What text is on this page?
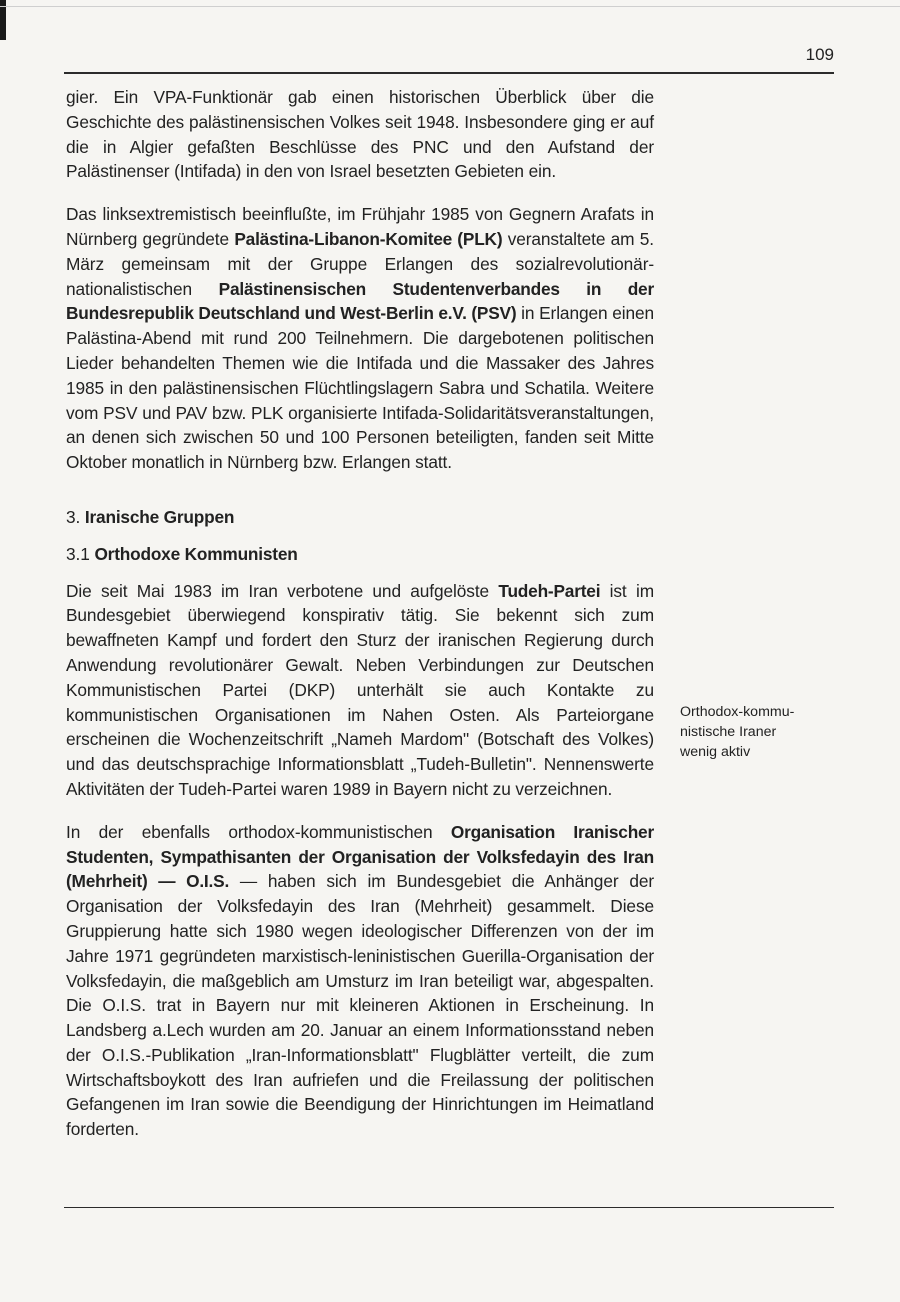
109

gier. Ein VPA-Funktionär gab einen historischen Überblick über die Geschichte des palästinensischen Volkes seit 1948. Insbesondere ging er auf die in Algier gefaßten Beschlüsse des PNC und den Aufstand der Palästinenser (Intifada) in den von Israel besetzten Gebieten ein.

Das linksextremistisch beeinflußte, im Frühjahr 1985 von Gegnern Arafats in Nürnberg gegründete Palästina-Libanon-Komitee (PLK) veranstaltete am 5. März gemeinsam mit der Gruppe Erlangen des sozialrevolutionär-nationalistischen Palästinensischen Studentenverbandes in der Bundesrepublik Deutschland und West-Berlin e.V. (PSV) in Erlangen einen Palästina-Abend mit rund 200 Teilnehmern. Die dargebotenen politischen Lieder behandelten Themen wie die Intifada und die Massaker des Jahres 1985 in den palästinensischen Flüchtlingslagern Sabra und Schatila. Weitere vom PSV und PAV bzw. PLK organisierte Intifada-Solidaritätsveranstaltungen, an denen sich zwischen 50 und 100 Personen beteiligten, fanden seit Mitte Oktober monatlich in Nürnberg bzw. Erlangen statt.

3. Iranische Gruppen
3.1 Orthodoxe Kommunisten

Die seit Mai 1983 im Iran verbotene und aufgelöste Tudeh-Partei ist im Bundesgebiet überwiegend konspirativ tätig. Sie bekennt sich zum bewaffneten Kampf und fordert den Sturz der iranischen Regierung durch Anwendung revolutionärer Gewalt. Neben Verbindungen zur Deutschen Kommunistischen Partei (DKP) unterhält sie auch Kontakte zu kommunistischen Organisationen im Nahen Osten. Als Parteiorgane erscheinen die Wochenzeitschrift „Nameh Mardom" (Botschaft des Volkes) und das deutschsprachige Informationsblatt „Tudeh-Bulletin". Nennenswerte Aktivitäten der Tudeh-Partei waren 1989 in Bayern nicht zu verzeichnen.

In der ebenfalls orthodox-kommunistischen Organisation Iranischer Studenten, Sympathisanten der Organisation der Volksfedayin des Iran (Mehrheit) — O.I.S. — haben sich im Bundesgebiet die Anhänger der Organisation der Volksfedayin des Iran (Mehrheit) gesammelt. Diese Gruppierung hatte sich 1980 wegen ideologischer Differenzen von der im Jahre 1971 gegründeten marxistisch-leninistischen Guerilla-Organisation der Volksfedayin, die maßgeblich am Umsturz im Iran beteiligt war, abgespalten. Die O.I.S. trat in Bayern nur mit kleineren Aktionen in Erscheinung. In Landsberg a.Lech wurden am 20. Januar an einem Informationsstand neben der O.I.S.-Publikation „Iran-Informationsblatt" Flugblätter verteilt, die zum Wirtschaftsboykott des Iran aufriefen und die Freilassung der politischen Gefangenen im Iran sowie die Beendigung der Hinrichtungen im Heimatland forderten.

Orthodox-kommu-
nistische Iraner
wenig aktiv
